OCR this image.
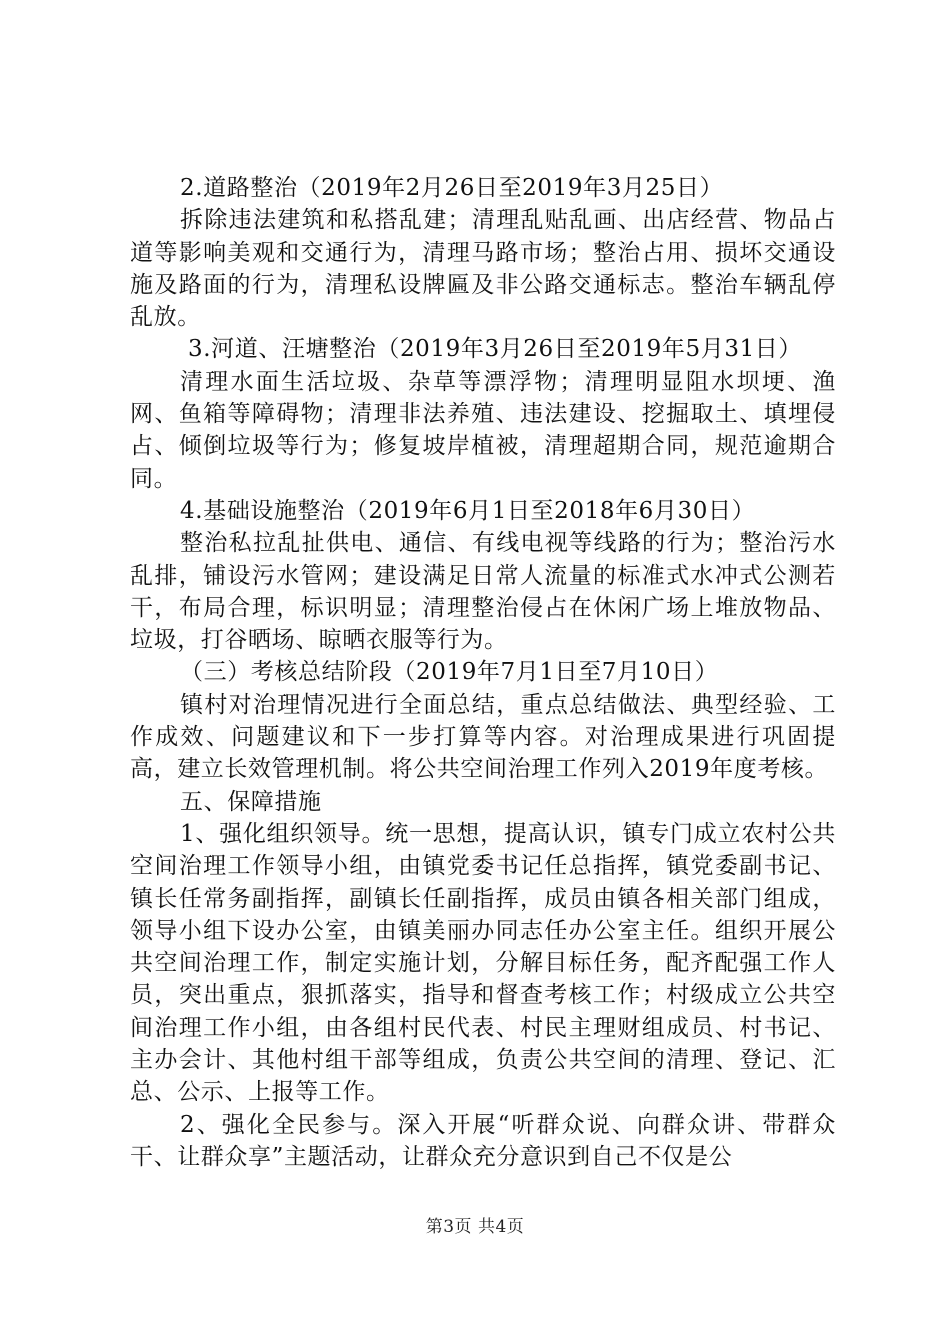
2.道路整治（2019年2月26日至2019年3月25日）

拆除违法建筑和私搭乱建；清理乱贴乱画、出店经营、物品占道等影响美观和交通行为，清理马路市场；整治占用、损坏交通设施及路面的行为，清理私设牌匾及非公路交通标志。整治车辆乱停乱放。

3.河道、汪塘整治（2019年3月26日至2019年5月31日）

清理水面生活垃圾、杂草等漂浮物；清理明显阻水坝埂、渔网、鱼箱等障碍物；清理非法养殖、违法建设、挖掘取土、填埋侵占、倾倒垃圾等行为；修复坡岸植被，清理超期合同，规范逾期合同。

4.基础设施整治（2019年6月1日至2018年6月30日）

整治私拉乱扯供电、通信、有线电视等线路的行为；整治污水乱排，铺设污水管网；建设满足日常人流量的标准式水冲式公测若干，布局合理，标识明显；清理整治侵占在休闲广场上堆放物品、垃圾，打谷晒场、晾晒衣服等行为。

（三）考核总结阶段（2019年7月1日至7月10日）

镇村对治理情况进行全面总结，重点总结做法、典型经验、工作成效、问题建议和下一步打算等内容。对治理成果进行巩固提高，建立长效管理机制。将公共空间治理工作列入2019年度考核。

五、保障措施

1、强化组织领导。统一思想，提高认识，镇专门成立农村公共空间治理工作领导小组，由镇党委书记任总指挥，镇党委副书记、镇长任常务副指挥，副镇长任副指挥，成员由镇各相关部门组成，领导小组下设办公室，由镇美丽办同志任办公室主任。组织开展公共空间治理工作，制定实施计划，分解目标任务，配齐配强工作人员，突出重点，狠抓落实，指导和督查考核工作；村级成立公共空间治理工作小组，由各组村民代表、村民主理财组成员、村书记、主办会计、其他村组干部等组成，负责公共空间的清理、登记、汇总、公示、上报等工作。

2、强化全民参与。深入开展“听群众说、向群众讲、带群众干、让群众享”主题活动，让群众充分意识到自己不仅是公

第3页 共4页
